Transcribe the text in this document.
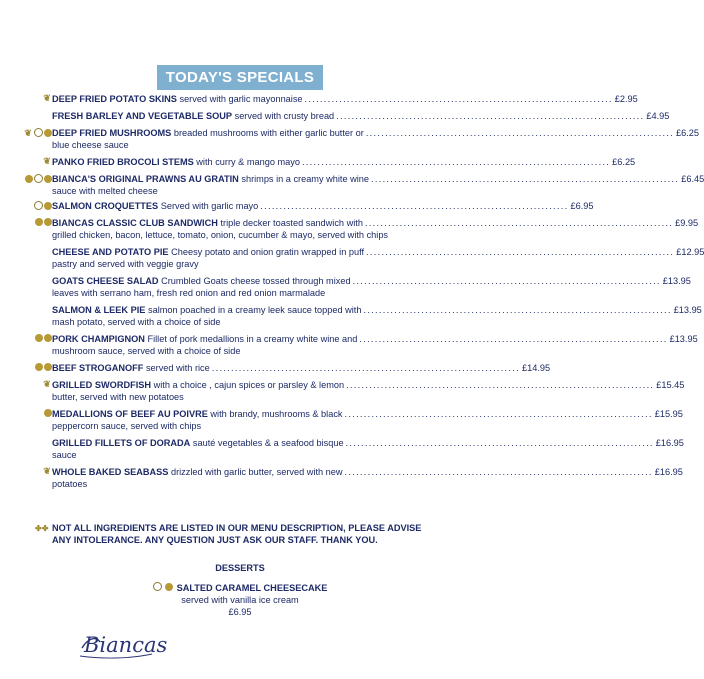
TODAY'S SPECIALS
❦ DEEP FRIED POTATO SKINS served with garlic mayonnaise ................................................................................ £2.95
FRESH BARLEY AND VEGETABLE SOUP served with crusty bread ................................................................................ £4.95
❦ DEEP FRIED MUSHROOMS breaded mushrooms with either garlic butter or ................................................................................ £6.25
blue cheese sauce
❦ PANKO FRIED BROCOLI STEMS with curry & mango mayo ................................................................................ £6.25
BIANCA'S ORIGINAL PRAWNS AU GRATIN shrimps in a creamy white wine ................................................................................ £6.45
sauce with melted cheese
SALMON CROQUETTES Served with garlic mayo ................................................................................ £6.95
BIANCAS CLASSIC CLUB SANDWICH triple decker toasted sandwich with ................................................................................ £9.95
grilled chicken, bacon, lettuce, tomato, onion, cucumber & mayo, served with chips
CHEESE AND POTATO PIE Cheesy potato and onion gratin wrapped in puff ................................................................................ £12.95
pastry and served with veggie gravy
GOATS CHEESE SALAD Crumbled Goats cheese tossed through mixed ................................................................................ £13.95
leaves with serrano ham, fresh red onion and red onion marmalade
SALMON & LEEK PIE salmon poached in a creamy leek sauce topped with ................................................................................ £13.95
mash potato, served with a choice of side
PORK CHAMPIGNON Fillet of pork medallions in a creamy white wine and ................................................................................ £13.95
mushroom sauce, served with a choice of side
BEEF STROGANOFF served with rice ................................................................................ £14.95
❦ GRILLED SWORDFISH with a choice , cajun spices or parsley & lemon ................................................................................ £15.45
butter, served with new potatoes
MEDALLIONS OF BEEF AU POIVRE with brandy, mushrooms & black ................................................................................ £15.95
peppercorn sauce, served with chips
GRILLED FILLETS OF DORADA sauté vegetables & a seafood bisque ................................................................................ £16.95
sauce
❦ WHOLE BAKED SEABASS drizzled with garlic butter, served with new ................................................................................ £16.95
potatoes
✤✤ NOT ALL INGREDIENTS ARE LISTED IN OUR MENU DESCRIPTION, PLEASE ADVISE ANY INTOLERANCE. ANY QUESTION JUST ASK OUR STAFF. THANK YOU.
DESSERTS
SALTED CARAMEL CHEESECAKE
served with vanilla ice cream
£6.95
Biancas
